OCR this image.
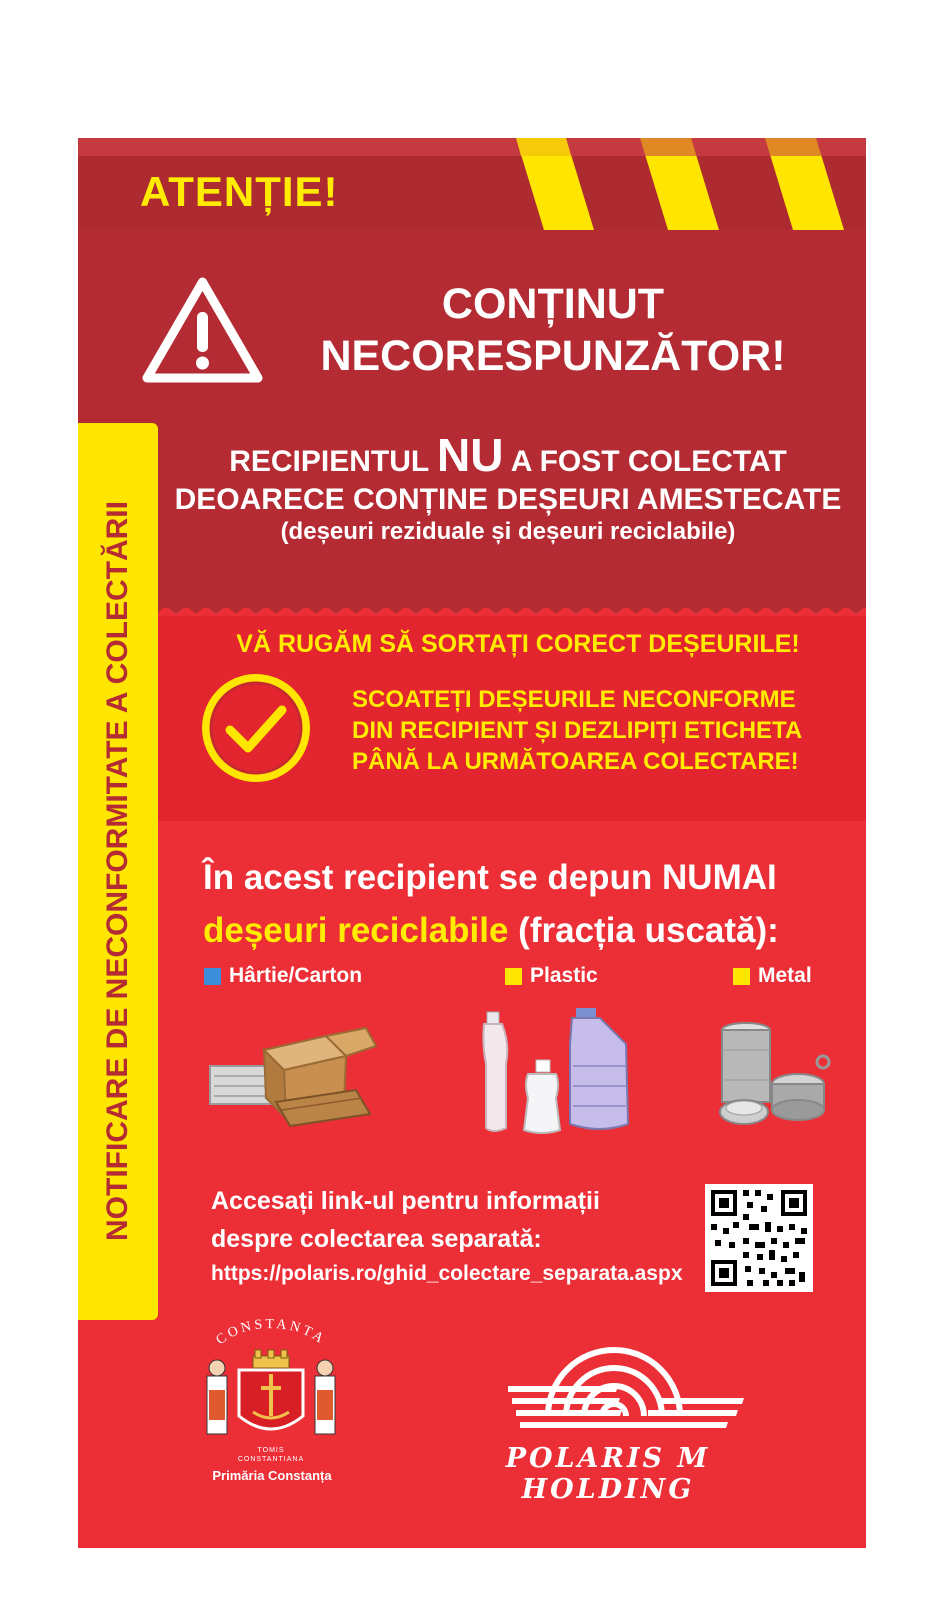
ATENȚIE!
CONȚINUT
NECORESPUNZĂTOR!
RECIPIENTUL NU A FOST COLECTAT
DEOARECE CONȚINE DEȘEURI AMESTECATE
(deșeuri reziduale și deșeuri reciclabile)
VĂ RUGĂM SĂ SORTAȚI CORECT DEȘEURILE!
SCOATEȚI DEȘEURILE NECONFORME
DIN RECIPIENT ȘI DEZLIPIȚI ETICHETA
PÂNĂ LA URMĂTOAREA COLECTARE!
În acest recipient se depun NUMAI
deșeuri reciclabile (fracția uscată):
Hârtie/Carton	Plastic	Metal
Accesați link-ul pentru informații
despre colectarea separată:
https://polaris.ro/ghid_colectare_separata.aspx
CONSTANTA
TOMIS
CONSTANTIANA
Primăria Constanța
POLARIS M HOLDING
NOTIFICARE DE NECONFORMITATE A COLECTĂRII
